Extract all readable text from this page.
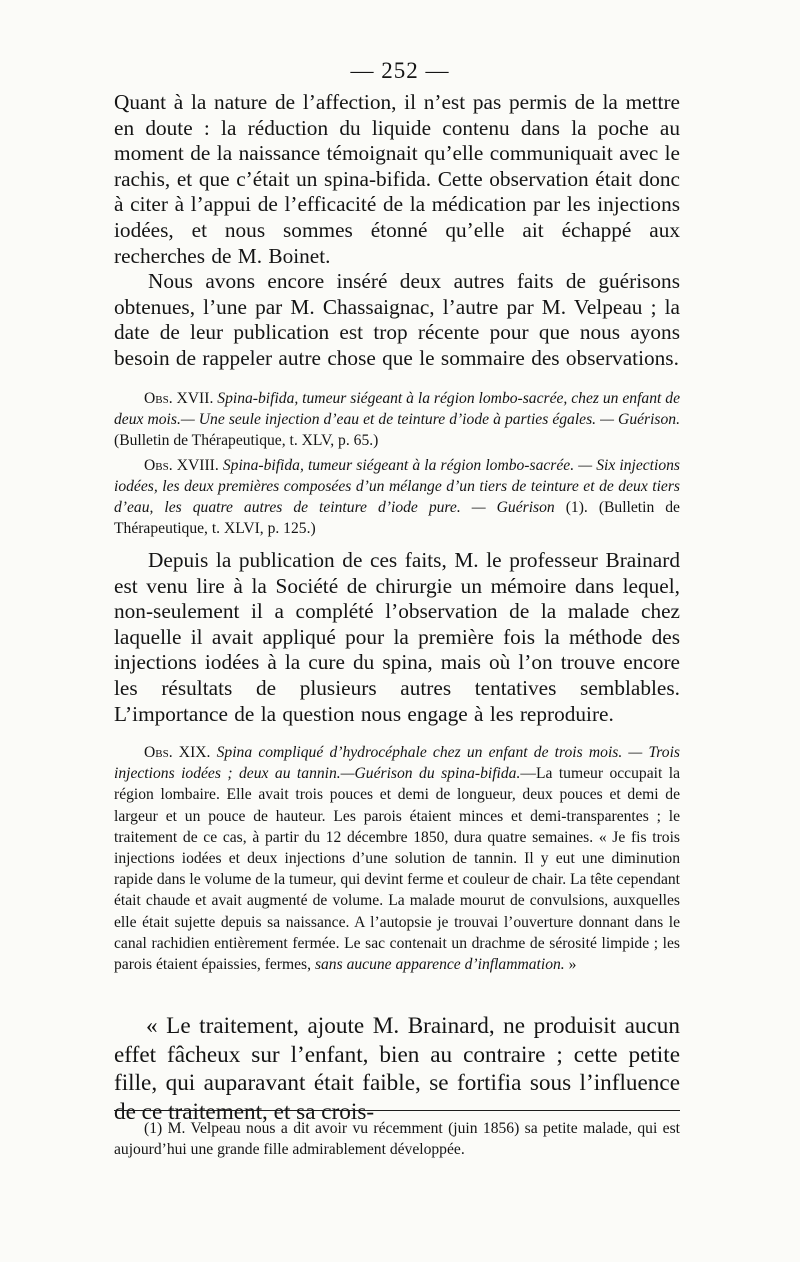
— 252 —

Quant à la nature de l’affection, il n’est pas permis de la mettre en doute : la réduction du liquide contenu dans la poche au moment de la naissance témoignait qu’elle communiquait avec le rachis, et que c’était un spina-bifida. Cette observation était donc à citer à l’appui de l’efficacité de la médication par les injections iodées, et nous sommes étonné qu’elle ait échappé aux recherches de M. Boinet.

Nous avons encore inséré deux autres faits de guérisons obtenues, l’une par M. Chassaignac, l’autre par M. Velpeau ; la date de leur publication est trop récente pour que nous ayons besoin de rappeler autre chose que le sommaire des observations.

Obs. XVII. Spina-bifida, tumeur siégeant à la région lombo-sacrée, chez un enfant de deux mois.— Une seule injection d’eau et de teinture d’iode à parties égales. — Guérison. (Bulletin de Thérapeutique, t. XLV, p. 65.)

Obs. XVIII. Spina-bifida, tumeur siégeant à la région lombo-sacrée. — Six injections iodées, les deux premières composées d’un mélange d’un tiers de teinture et de deux tiers d’eau, les quatre autres de teinture d’iode pure. — Guérison (1). (Bulletin de Thérapeutique, t. XLVI, p. 125.)

Depuis la publication de ces faits, M. le professeur Brainard est venu lire à la Société de chirurgie un mémoire dans lequel, non-seulement il a complété l’observation de la malade chez laquelle il avait appliqué pour la première fois la méthode des injections iodées à la cure du spina, mais où l’on trouve encore les résultats de plusieurs autres tentatives semblables. L’importance de la question nous engage à les reproduire.

Obs. XIX. Spina compliqué d’hydrocéphale chez un enfant de trois mois. — Trois injections iodées ; deux au tannin.—Guérison du spina-bifida.—La tumeur occupait la région lombaire. Elle avait trois pouces et demi de longueur, deux pouces et demi de largeur et un pouce de hauteur. Les parois étaient minces et demi-transparentes ; le traitement de ce cas, à partir du 12 décembre 1850, dura quatre semaines. « Je fis trois injections iodées et deux injections d’une solution de tannin. Il y eut une diminution rapide dans le volume de la tumeur, qui devint ferme et couleur de chair. La tête cependant était chaude et avait augmenté de volume. La malade mourut de convulsions, auxquelles elle était sujette depuis sa naissance. A l’autopsie je trouvai l’ouverture donnant dans le canal rachidien entièrement fermée. Le sac contenait un drachme de sérosité limpide ; les parois étaient épaissies, fermes, sans aucune apparence d’inflammation. »

« Le traitement, ajoute M. Brainard, ne produisit aucun effet fâcheux sur l’enfant, bien au contraire ; cette petite fille, qui auparavant était faible, se fortifia sous l’influence de ce traitement, et sa crois-

(1) M. Velpeau nous a dit avoir vu récemment (juin 1856) sa petite malade, qui est aujourd’hui une grande fille admirablement développée.
